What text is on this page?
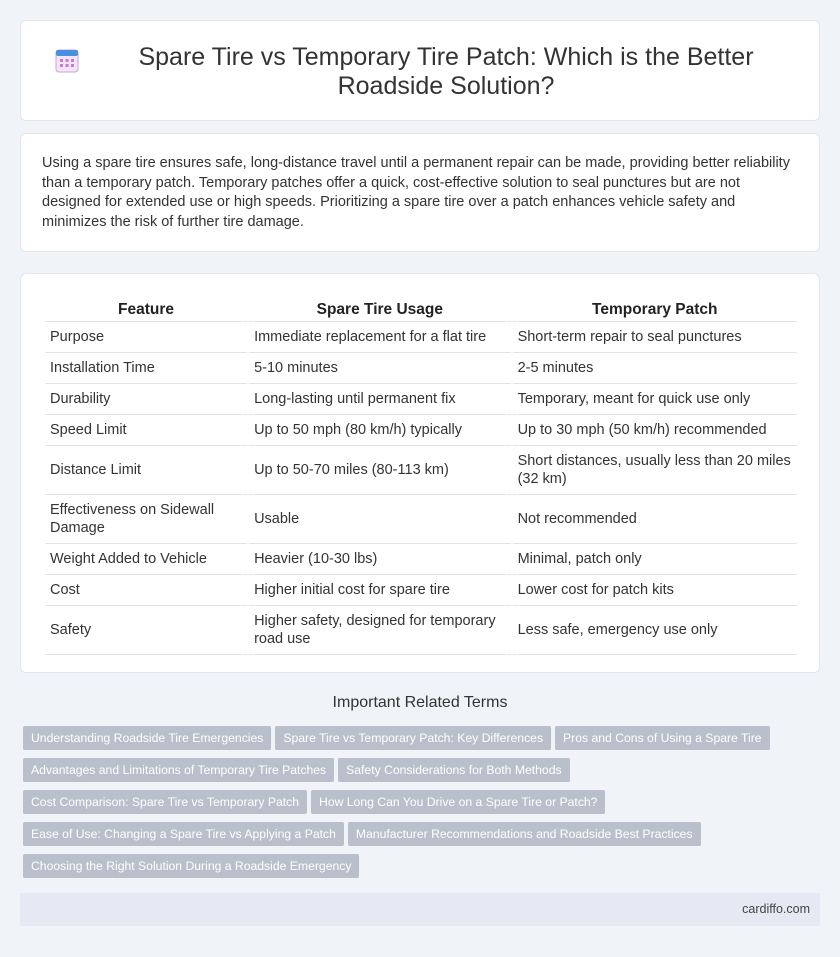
Spare Tire vs Temporary Tire Patch: Which is the Better Roadside Solution?

Using a spare tire ensures safe, long-distance travel until a permanent repair can be made, providing better reliability than a temporary patch. Temporary patches offer a quick, cost-effective solution to seal punctures but are not designed for extended use or high speeds. Prioritizing a spare tire over a patch enhances vehicle safety and minimizes the risk of further tire damage.

Feature	Spare Tire Usage	Temporary Patch
Purpose	Immediate replacement for a flat tire	Short-term repair to seal punctures
Installation Time	5-10 minutes	2-5 minutes
Durability	Long-lasting until permanent fix	Temporary, meant for quick use only
Speed Limit	Up to 50 mph (80 km/h) typically	Up to 30 mph (50 km/h) recommended
Distance Limit	Up to 50-70 miles (80-113 km)	Short distances, usually less than 20 miles (32 km)
Effectiveness on Sidewall Damage	Usable	Not recommended
Weight Added to Vehicle	Heavier (10-30 lbs)	Minimal, patch only
Cost	Higher initial cost for spare tire	Lower cost for patch kits
Safety	Higher safety, designed for temporary road use	Less safe, emergency use only
Important Related Terms
Understanding Roadside Tire Emergencies Spare Tire vs Temporary Patch: Key Differences Pros and Cons of Using a Spare Tire
Advantages and Limitations of Temporary Tire Patches Safety Considerations for Both Methods
Cost Comparison: Spare Tire vs Temporary Patch How Long Can You Drive on a Spare Tire or Patch?
Ease of Use: Changing a Spare Tire vs Applying a Patch Manufacturer Recommendations and Roadside Best Practices
Choosing the Right Solution During a Roadside Emergency
cardiffo.com
